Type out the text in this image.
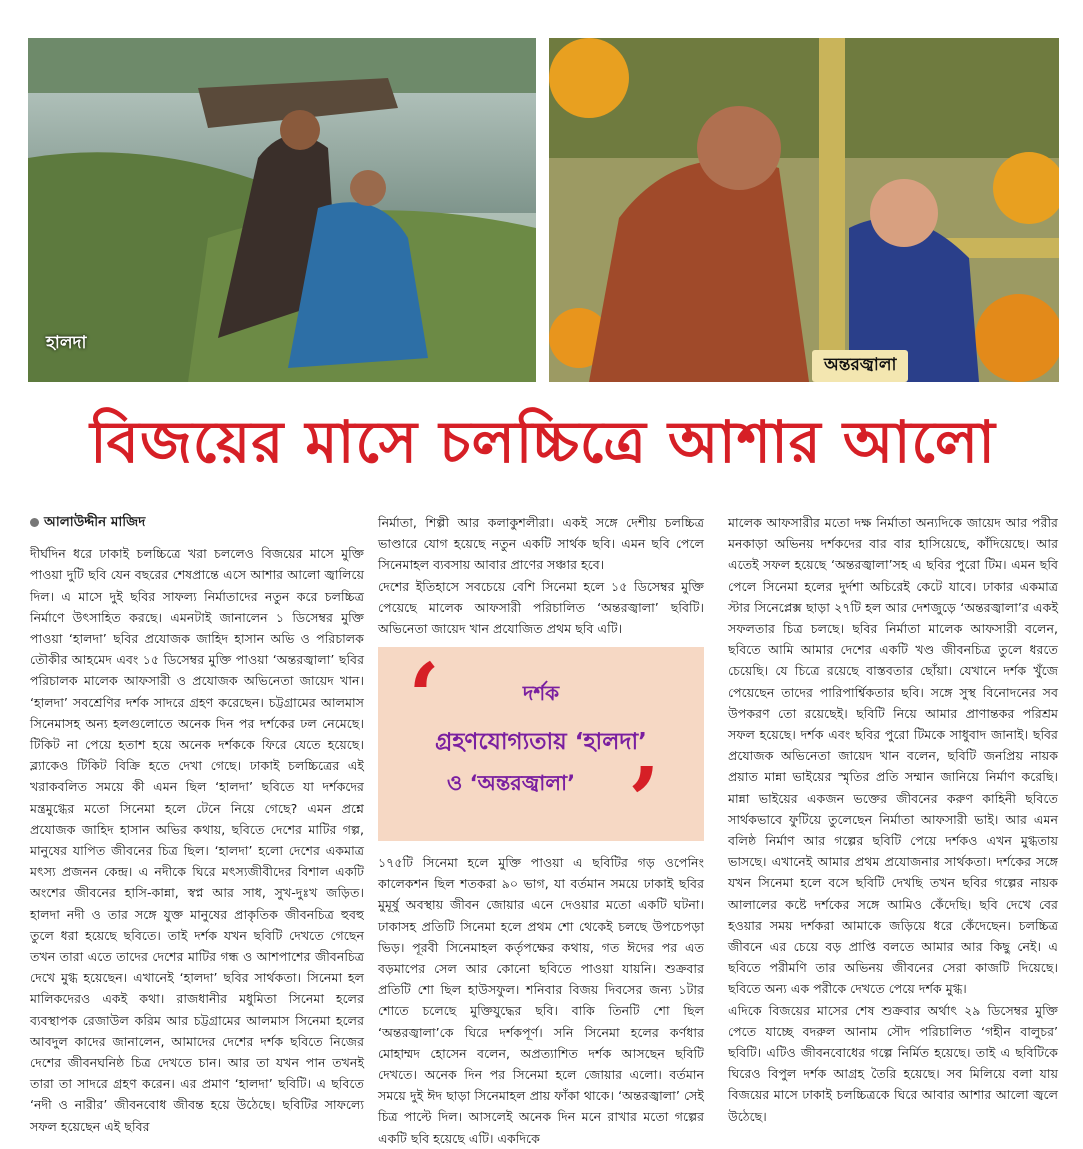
হালদা
অন্তরজ্বালা
বিজয়ের মাসে চলচ্চিত্রে আশার আলো

আলাউদ্দীন মাজিদ

দীর্ঘদিন ধরে ঢাকাই চলচ্চিত্রে খরা চললেও বিজয়ের মাসে মুক্তি পাওয়া দুটি ছবি যেন বছরের শেষপ্রান্তে এসে আশার আলো জ্বালিয়ে দিল। এ মাসে দুই ছবির সাফল্য নির্মাতাদের নতুন করে চলচ্চিত্র নির্মাণে উৎসাহিত করছে। এমনটাই জানালেন ১ ডিসেম্বর মুক্তি পাওয়া ‘হালদা’ ছবির প্রযোজক জাহিদ হাসান অভি ও পরিচালক তৌকীর আহমেদ এবং ১৫ ডিসেম্বর মুক্তি পাওয়া ‘অন্তরজ্বালা’ ছবির পরিচালক মালেক আফসারী ও প্রযোজক অভিনেতা জায়েদ খান। ‘হালদা’ সবশ্রেণির দর্শক সাদরে গ্রহণ করেছেন। চট্টগ্রামের আলমাস সিনেমাসহ অন্য হলগুলোতে অনেক দিন পর দর্শকের ঢল নেমেছে। টিকিট না পেয়ে হতাশ হয়ে অনেক দর্শককে ফিরে যেতে হয়েছে। ব্ল্যাকেও টিকিট বিক্রি হতে দেখা গেছে। ঢাকাই চলচ্চিত্রের এই খরাকবলিত সময়ে কী এমন ছিল ‘হালদা’ ছবিতে যা দর্শকদের মন্ত্রমুগ্ধের মতো সিনেমা হলে টেনে নিয়ে গেছে? এমন প্রশ্নে প্রযোজক জাহিদ হাসান অভির কথায়, ছবিতে দেশের মাটির গল্প, মানুষের যাপিত জীবনের চিত্র ছিল। ‘হালদা’ হলো দেশের একমাত্র মৎস্য প্রজনন কেন্দ্র। এ নদীকে ঘিরে মৎস্যজীবীদের বিশাল একটি অংশের জীবনের হাসি-কান্না, স্বপ্ন আর সাধ, সুখ-দুঃখ জড়িত। হালদা নদী ও তার সঙ্গে যুক্ত মানুষের প্রাকৃতিক জীবনচিত্র হুবহু তুলে ধরা হয়েছে ছবিতে। তাই দর্শক যখন ছবিটি দেখতে গেছেন তখন তারা এতে তাদের দেশের মাটির গন্ধ ও আশপাশের জীবনচিত্র দেখে মুগ্ধ হয়েছেন। এখানেই ‘হালদা’ ছবির সার্থকতা। সিনেমা হল মালিকদেরও একই কথা। রাজধানীর মধুমিতা সিনেমা হলের ব্যবস্থাপক রেজাউল করিম আর চট্টগ্রামের আলমাস সিনেমা হলের আবদুল কাদের জানালেন, আমাদের দেশের দর্শক ছবিতে নিজের দেশের জীবনঘনিষ্ঠ চিত্র দেখতে চান। আর তা যখন পান তখনই তারা তা সাদরে গ্রহণ করেন। এর প্রমাণ ‘হালদা’ ছবিটি। এ ছবিতে ‘নদী ও নারীর’ জীবনবোধ জীবন্ত হয়ে উঠেছে। ছবিটির সাফল্যে সফল হয়েছেন এই ছবির

নির্মাতা, শিল্পী আর কলাকুশলীরা। একই সঙ্গে দেশীয় চলচ্চিত্র ভাণ্ডারে যোগ হয়েছে নতুন একটি সার্থক ছবি। এমন ছবি পেলে সিনেমাহল ব্যবসায় আবার প্রাণের সঞ্চার হবে।

দেশের ইতিহাসে সবচেয়ে বেশি সিনেমা হলে ১৫ ডিসেম্বর মুক্তি পেয়েছে মালেক আফসারী পরিচালিত ‘অন্তরজ্বালা’ ছবিটি। অভিনেতা জায়েদ খান প্রযোজিত প্রথম ছবি এটি।

‘	দর্শক
গ্রহণযোগ্যতায় ‘হালদা’
ও ‘অন্তরজ্বালা’ ’

১৭৫টি সিনেমা হলে মুক্তি পাওয়া এ ছবিটির গড় ওপেনিং কালেকশন ছিল শতকরা ৯০ ভাগ, যা বর্তমান সময়ে ঢাকাই ছবির মুমূর্ষু অবস্থায় জীবন জোয়ার এনে দেওয়ার মতো একটি ঘটনা। ঢাকাসহ প্রতিটি সিনেমা হলে প্রথম শো থেকেই চলছে উপচেপড়া ভিড়। পূরবী সিনেমাহল কর্তৃপক্ষের কথায়, গত ঈদের পর এত বড়মাপের সেল আর কোনো ছবিতে পাওয়া যায়নি। শুক্রবার প্রতিটি শো ছিল হাউসফুল। শনিবার বিজয় দিবসের জন্য ১টার শোতে চলেছে মুক্তিযুদ্ধের ছবি। বাকি তিনটি শো ছিল ‘অন্তরজ্বালা’কে ঘিরে দর্শকপূর্ণ। সনি সিনেমা হলের কর্ণধার মোহাম্মদ হোসেন বলেন, অপ্রত্যাশিত দর্শক আসছেন ছবিটি দেখতে। অনেক দিন পর সিনেমা হলে জোয়ার এলো। বর্তমান সময়ে দুই ঈদ ছাড়া সিনেমাহল প্রায় ফাঁকা থাকে। ‘অন্তরজ্বালা’ সেই চিত্র পাল্টে দিল। আসলেই অনেক দিন মনে রাখার মতো গল্পের একটি ছবি হয়েছে এটি। একদিকে

মালেক আফসারীর মতো দক্ষ নির্মাতা অন্যদিকে জায়েদ আর পরীর মনকাড়া অভিনয় দর্শকদের বার বার হাসিয়েছে, কাঁদিয়েছে। আর এতেই সফল হয়েছে ‘অন্তরজ্বালা’সহ এ ছবির পুরো টিম। এমন ছবি পেলে সিনেমা হলের দুর্দশা অচিরেই কেটে যাবে। ঢাকার একমাত্র স্টার সিনেপ্লেক্স ছাড়া ২৭টি হল আর দেশজুড়ে ‘অন্তরজ্বালা’র একই সফলতার চিত্র চলছে। ছবির নির্মাতা মালেক আফসারী বলেন, ছবিতে আমি আমার দেশের একটি খণ্ড জীবনচিত্র তুলে ধরতে চেয়েছি। যে চিত্রে রয়েছে বাস্তবতার ছোঁয়া। যেখানে দর্শক খুঁজে পেয়েছেন তাদের পারিপার্শ্বিকতার ছবি। সঙ্গে সুস্থ বিনোদনের সব উপকরণ তো রয়েছেই। ছবিটি নিয়ে আমার প্রাণান্তকর পরিশ্রম সফল হয়েছে। দর্শক এবং ছবির পুরো টিমকে সাধুবাদ জানাই। ছবির প্রযোজক অভিনেতা জায়েদ খান বলেন, ছবিটি জনপ্রিয় নায়ক প্রয়াত মান্না ভাইয়ের স্মৃতির প্রতি সম্মান জানিয়ে নির্মাণ করেছি। মান্না ভাইয়ের একজন ভক্তের জীবনের করুণ কাহিনী ছবিতে সার্থকভাবে ফুটিয়ে তুলেছেন নির্মাতা আফসারী ভাই। আর এমন বলিষ্ঠ নির্মাণ আর গল্পের ছবিটি পেয়ে দর্শকও এখন মুগ্ধতায় ভাসছে। এখানেই আমার প্রথম প্রযোজনার সার্থকতা। দর্শকের সঙ্গে যখন সিনেমা হলে বসে ছবিটি দেখছি তখন ছবির গল্পের নায়ক আলালের কষ্টে দর্শকের সঙ্গে আমিও কেঁদেছি। ছবি দেখে বের হওয়ার সময় দর্শকরা আমাকে জড়িয়ে ধরে কেঁদেছেন। চলচ্চিত্র জীবনে এর চেয়ে বড় প্রাপ্তি বলতে আমার আর কিছু নেই। এ ছবিতে পরীমণি তার অভিনয় জীবনের সেরা কাজটি দিয়েছে। ছবিতে অন্য এক পরীকে দেখতে পেয়ে দর্শক মুগ্ধ।

এদিকে বিজয়ের মাসের শেষ শুক্রবার অর্থাৎ ২৯ ডিসেম্বর মুক্তি পেতে যাচ্ছে বদরুল আনাম সৌদ পরিচালিত ‘গহীন বালুচর’ ছবিটি। এটিও জীবনবোধের গল্পে নির্মিত হয়েছে। তাই এ ছবিটিকে ঘিরেও বিপুল দর্শক আগ্রহ তৈরি হয়েছে। সব মিলিয়ে বলা যায় বিজয়ের মাসে ঢাকাই চলচ্চিত্রকে ঘিরে আবার আশার আলো জ্বলে উঠেছে।
